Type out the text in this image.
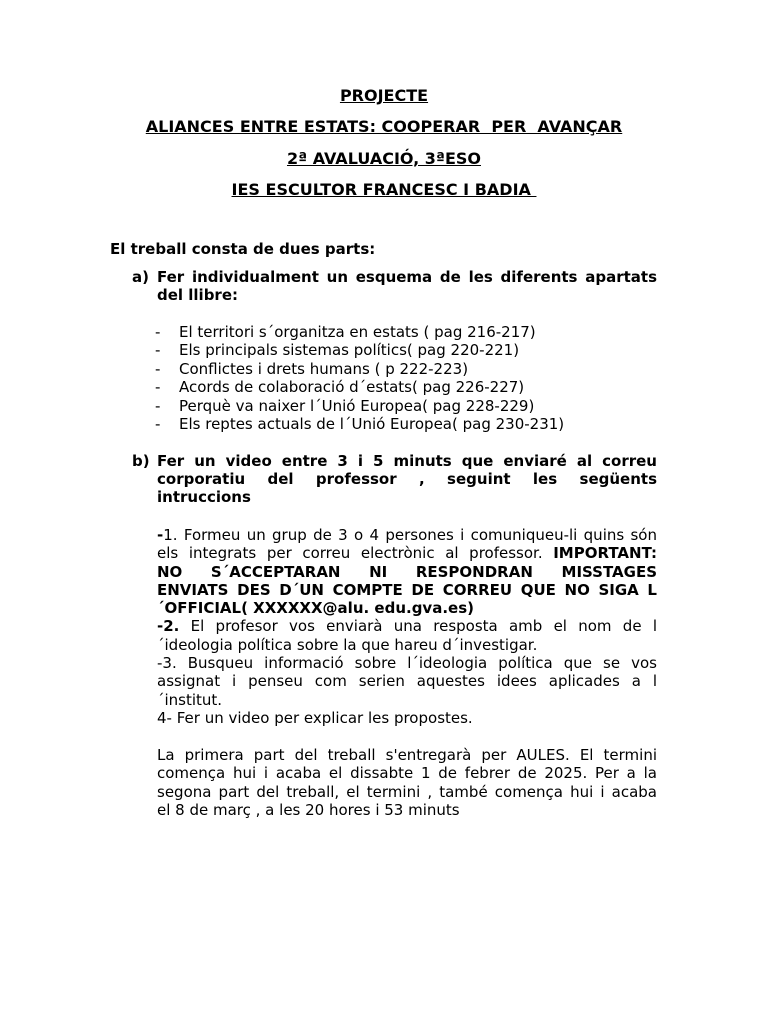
PROJECTE

ALIANCES ENTRE ESTATS: COOPERAR  PER  AVANÇAR

2ª AVALUACIÓ, 3ªESO

IES ESCULTOR FRANCESC I BADIA

El treball consta de dues parts:

a) Fer individualment un esquema de les diferents apartats
del llibre:
- El territori s´organitza en estats ( pag 216-217)
- Els principals sistemas polítics( pag 220-221)
- Conflictes i drets humans ( p 222-223)
- Acords de colaboració d´estats( pag 226-227)
- Perquè va naixer l´Unió Europea( pag 228-229)
- Els reptes actuals de l´Unió Europea( pag 230-231)
b) Fer un video entre 3 i 5 minuts que enviaré al correu
corporatiu del professor , seguint les següents
intruccions
-1. Formeu un grup de 3 o 4 persones i comuniqueu-li quins són
els integrats per correu electrònic al professor. IMPORTANT:
NO S´ACCEPTARAN NI RESPONDRAN MISSTAGES
ENVIATS DES D´UN COMPTE DE CORREU QUE NO SIGA L
´OFFICIAL( XXXXXX@alu. edu.gva.es)
-2. El profesor vos enviarà una resposta amb el nom de l
´ideologia política sobre la que hareu d´investigar.
-3. Busqueu informació sobre l´ideologia política que se vos
assignat i penseu com serien aquestes idees aplicades a l
´institut.
4- Fer un video per explicar les propostes.
La primera part del treball s'entregarà per AULES. El termini
comença hui i acaba el dissabte 1 de febrer de 2025. Per a la
segona part del treball, el termini , també comença hui i acaba
el 8 de març , a les 20 hores i 53 minuts
